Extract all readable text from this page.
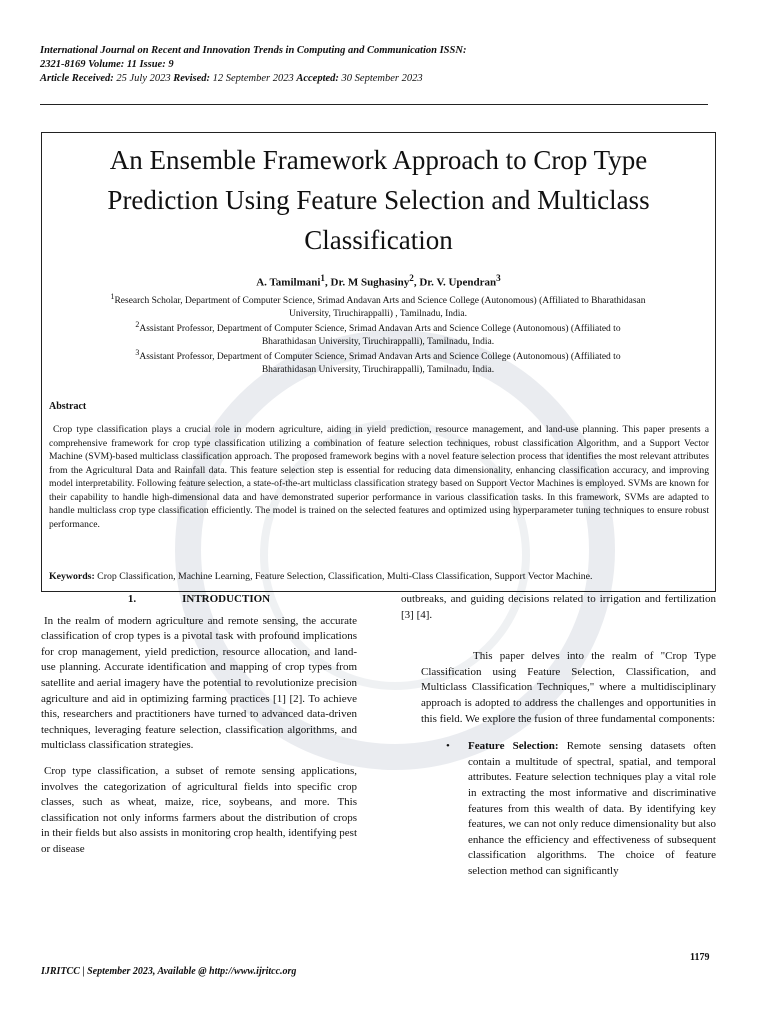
International Journal on Recent and Innovation Trends in Computing and Communication ISSN:
2321-8169 Volume: 11 Issue: 9
Article Received: 25 July 2023 Revised: 12 September 2023 Accepted: 30 September 2023
An Ensemble Framework Approach to Crop Type
Prediction Using Feature Selection and Multiclass
Classification
A. Tamilmani$^1$, Dr. M Sughasiny$^2$, Dr. V. Upendran$^3$
$^1$Research Scholar, Department of Computer Science, Srimad Andavan Arts and Science College (Autonomous) (Affiliated to Bharathidasan
University, Tiruchirappalli) , Tamilnadu, India.
$^2$Assistant Professor, Department of Computer Science, Srimad Andavan Arts and Science College (Autonomous) (Affiliated to
Bharathidasan University, Tiruchirappalli), Tamilnadu, India.
$^3$Assistant Professor, Department of Computer Science, Srimad Andavan Arts and Science College (Autonomous) (Affiliated to
Bharathidasan University, Tiruchirappalli), Tamilnadu, India.
Abstract
Crop type classification plays a crucial role in modern agriculture, aiding in yield prediction, resource management, and land-use planning. This paper presents a comprehensive framework for crop type classification utilizing a combination of feature selection techniques, robust classification Algorithm, and a Support Vector Machine (SVM)-based multiclass classification approach. The proposed framework begins with a novel feature selection process that identifies the most relevant attributes from the Agricultural Data and Rainfall data. This feature selection step is essential for reducing data dimensionality, enhancing classification accuracy, and improving model interpretability. Following feature selection, a state-of-the-art multiclass classification strategy based on Support Vector Machines is employed. SVMs are known for their capability to handle high-dimensional data and have demonstrated superior performance in various classification tasks. In this framework, SVMs are adapted to handle multiclass crop type classification efficiently. The model is trained on the selected features and optimized using hyperparameter tuning techniques to ensure robust performance.
Keywords: Crop Classification, Machine Learning, Feature Selection, Classification, Multi-Class Classification, Support Vector Machine.
1.	INTRODUCTION

In the realm of modern agriculture and remote sensing, the accurate classification of crop types is a pivotal task with profound implications for crop management, yield prediction, resource allocation, and land-use planning. Accurate identification and mapping of crop types from satellite and aerial imagery have the potential to revolutionize precision agriculture and aid in optimizing farming practices [1] [2]. To achieve this, researchers and practitioners have turned to advanced data-driven techniques, leveraging feature selection, classification algorithms, and multiclass classification strategies.

Crop type classification, a subset of remote sensing applications, involves the categorization of agricultural fields into specific crop classes, such as wheat, maize, rice, soybeans, and more. This classification not only informs farmers about the distribution of crops in their fields but also assists in monitoring crop health, identifying pest or disease

outbreaks, and guiding decisions related to irrigation and fertilization [3] [4].

This paper delves into the realm of "Crop Type Classification using Feature Selection, Classification, and Multiclass Classification Techniques," where a multidisciplinary approach is adopted to address the challenges and opportunities in this field. We explore the fusion of three fundamental components:

• Feature Selection: Remote sensing datasets often contain a multitude of spectral, spatial, and temporal attributes. Feature selection techniques play a vital role in extracting the most informative and discriminative features from this wealth of data. By identifying key features, we can not only reduce dimensionality but also enhance the efficiency and effectiveness of subsequent classification algorithms. The choice of feature selection method can significantly
1179
IJRITCC | September 2023, Available @ http://www.ijritcc.org
